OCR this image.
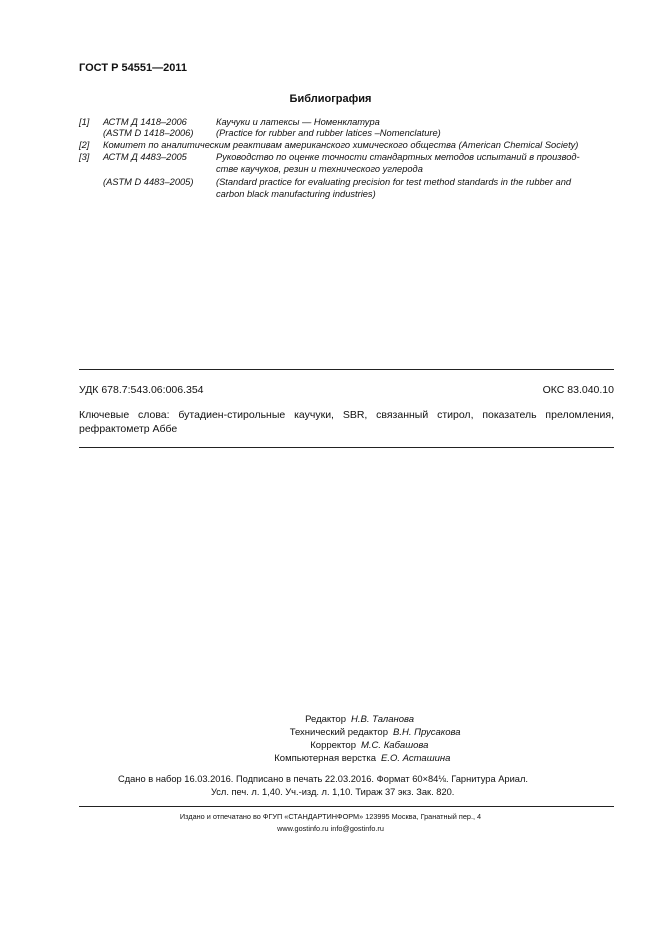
ГОСТ Р 54551—2011
Библиография
[1] АСТМ Д 1418–2006	Каучуки и латексы — Номенклатура
(ASTM D 1418–2006) (Practice for rubber and rubber latices –Nomenclature)
[2] Комитет по аналитическим реактивам американского химического общества (American Chemical Society)
[3] АСТМ Д 4483–2005	Руководство по оценке точности стандартных методов испытаний в производ-
стве каучуков, резин и технического углерода
(ASTM D 4483–2005) (Standard practice for evaluating precision for test method standards in the rubber and
carbon black manufacturing industries)
УДК 678.7:543.06:006.354	ОКС 83.040.10
Ключевые слова: бутадиен-стирольные каучуки, SBR, связанный стирол, показатель преломления,
рефрактометр Аббе
Редактор Н.В. Таланова
Технический редактор В.Н. Прусакова
Корректор М.С. Кабашова
Компьютерная верстка Е.О. Асташина
Сдано в набор 16.03.2016. Подписано в печать 22.03.2016. Формат 60×84⅛. Гарнитура Ариал.
Усл. печ. л. 1,40. Уч.-изд. л. 1,10. Тираж 37 экз. Зак. 820.
Издано и отпечатано во ФГУП «СТАНДАРТИНФОРМ» 123995 Москва, Гранатный пер., 4
www.gostinfo.ru info@gostinfo.ru
